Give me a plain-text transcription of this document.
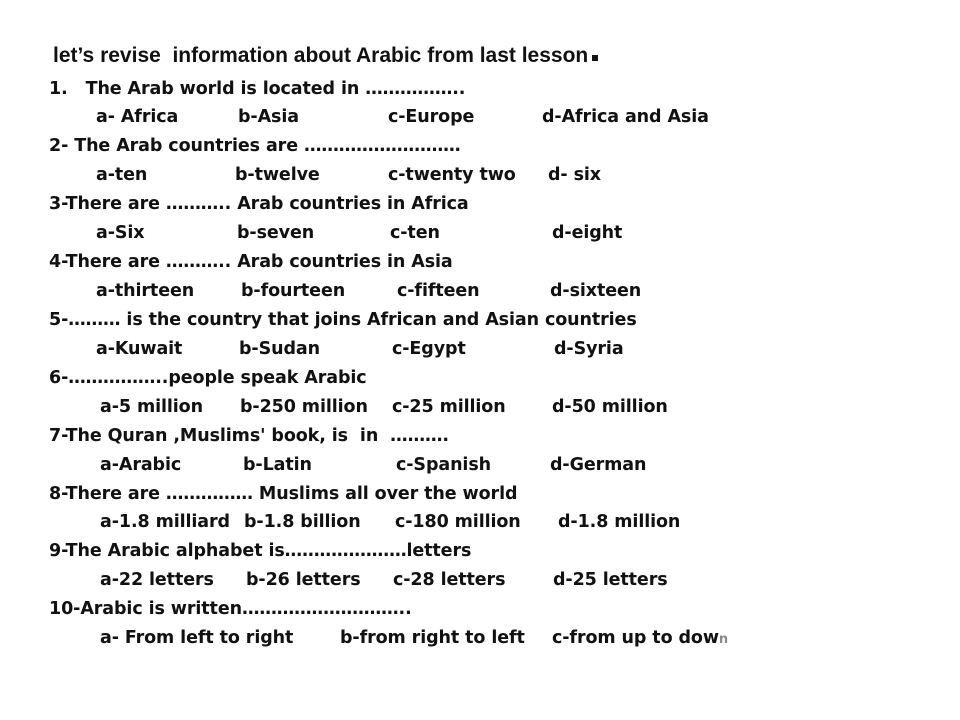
let’s revise  information about Arabic from last lesson
1.   The Arab world is located in ……………..
a- Africa	b-Asia	c-Europe	d-Africa and Asia
2- The Arab countries are ………………………
a-ten	b-twelve	c-twenty two d- six
3-There are ……….. Arab countries in Africa
a-Six	b-seven	c-ten	d-eight
4-There are ……….. Arab countries in Asia
a-thirteen	b-fourteen	c-fifteen	d-sixteen
5-……… is the country that joins African and Asian countries
a-Kuwait	b-Sudan	c-Egypt	d-Syria
6-……………..people speak Arabic
a-5 million b-250 million c-25 million	d-50 million
7-The Quran ,Muslims' book, is  in  ……….
a-Arabic	b-Latin	c-Spanish	d-German
8-There are …………… Muslims all over the world
a-1.8 milliard b-1.8 billion c-180 million d-1.8 million
9-The Arabic alphabet is…………………letters
a-22 letters b-26 letters c-28 letters	d-25 letters
10-Arabic is written………………………..
a- From left to right	b-from right to left c-from up to down
